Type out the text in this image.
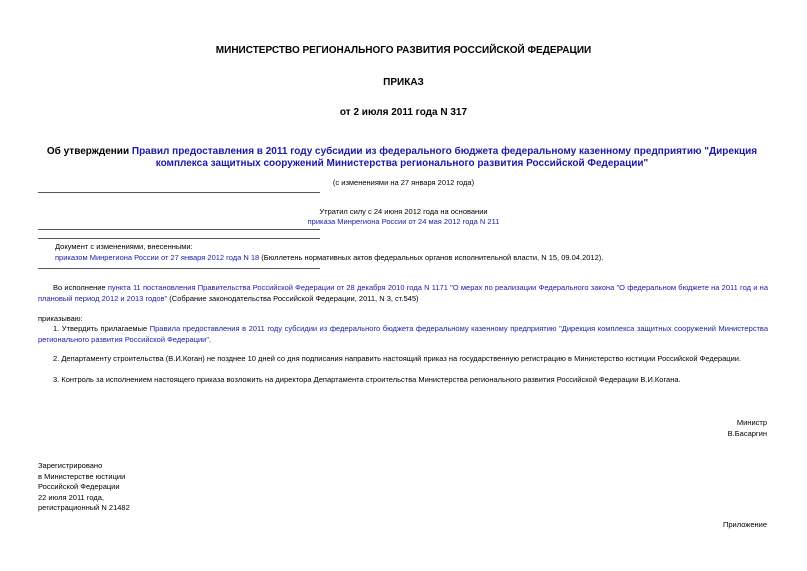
МИНИСТЕРСТВО РЕГИОНАЛЬНОГО РАЗВИТИЯ РОССИЙСКОЙ ФЕДЕРАЦИИ
ПРИКАЗ
от 2 июля 2011 года N 317
Об утверждении Правил предоставления в 2011 году субсидии из федерального бюджета федеральному казенному предприятию "Дирекция комплекса защитных сооружений Министерства регионального развития Российской Федерации"
(с изменениями на 27 января 2012 года)
Утратил силу с 24 июня 2012 года на основании
приказа Минрегиона России от 24 мая 2012 года N 211
Документ с изменениями, внесенными:
приказом Минрегиона России от 27 января 2012 года N 18 (Бюллетень нормативных актов федеральных органов исполнительной власти, N 15, 09.04.2012).
Во исполнение пункта 11 постановления Правительства Российской Федерации от 28 декабря 2010 года N 1171 "О мерах по реализации Федерального закона "О федеральном бюджете на 2011 год и на плановый период 2012 и 2013 годов" (Собрание законодательства Российской Федерации, 2011, N 3, ст.545)
приказываю:
1. Утвердить прилагаемые Правила предоставления в 2011 году субсидии из федерального бюджета федеральному казенному предприятию "Дирекция комплекса защитных сооружений Министерства регионального развития Российской Федерации".
2. Департаменту строительства (В.И.Коган) не позднее 10 дней со дня подписания направить настоящий приказ на государственную регистрацию в Министерство юстиции Российской Федерации.
3. Контроль за исполнением настоящего приказа возложить на директора Департамента строительства Министерства регионального развития Российской Федерации В.И.Когана.
Министр
В.Басаргин
Зарегистрировано
в Министерстве юстиции
Российской Федерации
22 июля 2011 года,
регистрационный N 21482
Приложение
